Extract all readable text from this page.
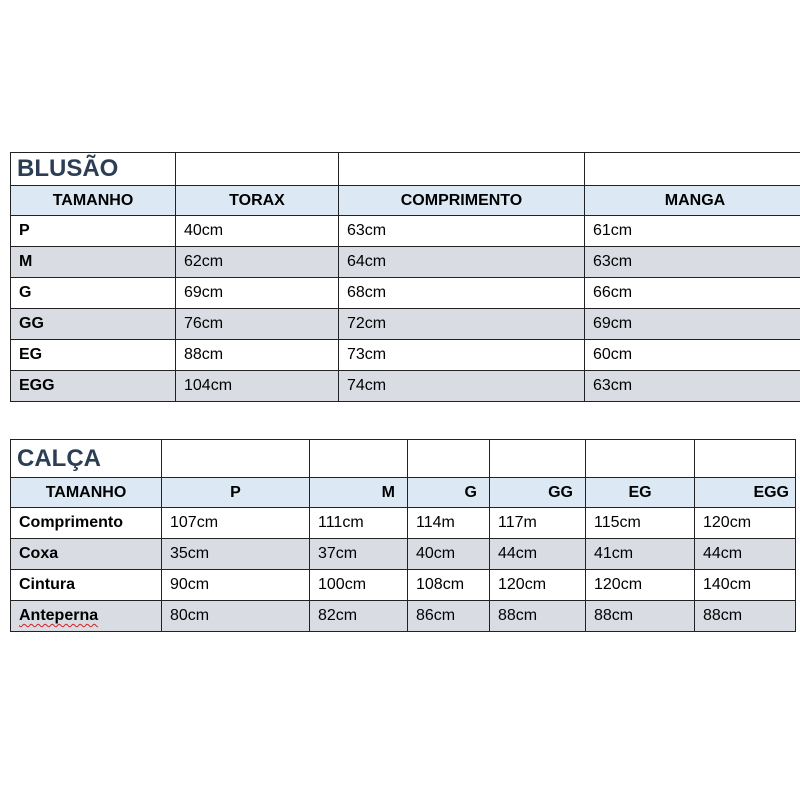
BLUSÃO			
TAMANHO	TORAX	COMPRIMENTO	MANGA
P	40cm	63cm	61cm
M	62cm	64cm	63cm
G	69cm	68cm	66cm
GG	76cm	72cm	69cm
EG	88cm	73cm	60cm
EGG	104cm	74cm	63cm
CALÇA						
TAMANHO	P	M	G	GG	EG	EGG
Comprimento	107cm	111cm	114m	117m	115cm	120cm
Coxa	35cm	37cm	40cm	44cm	41cm	44cm
Cintura	90cm	100cm	108cm	120cm	120cm	140cm
Anteperna	80cm	82cm	86cm	88cm	88cm	88cm
